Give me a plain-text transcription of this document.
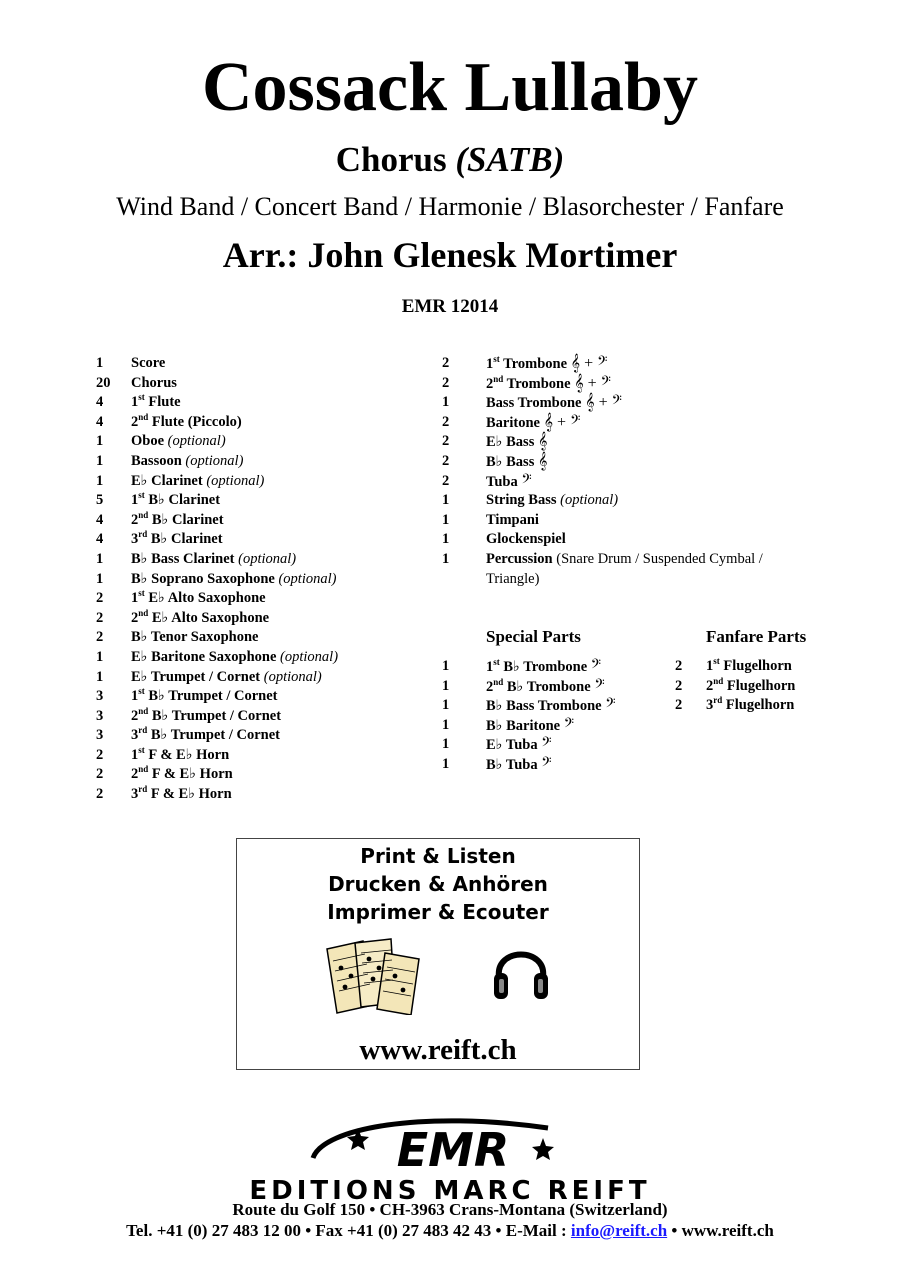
Cossack Lullaby
Chorus (SATB)
Wind Band / Concert Band / Harmonie / Blasorchester / Fanfare
Arr.: John Glenesk Mortimer
EMR 12014
1 Score
20 Chorus
4 1st Flute
4 2nd Flute (Piccolo)
1 Oboe (optional)
1 Bassoon (optional)
1 E♭ Clarinet (optional)
5 1st B♭ Clarinet
4 2nd B♭ Clarinet
4 3rd B♭ Clarinet
1 B♭ Bass Clarinet (optional)
1 B♭ Soprano Saxophone (optional)
2 1st E♭ Alto Saxophone
2 2nd E♭ Alto Saxophone
2 B♭ Tenor Saxophone
1 E♭ Baritone Saxophone (optional)
1 E♭ Trumpet / Cornet (optional)
3 1st B♭ Trumpet / Cornet
3 2nd B♭ Trumpet / Cornet
3 3rd B♭ Trumpet / Cornet
2 1st F & E♭ Horn
2 2nd F & E♭ Horn
2 3rd F & E♭ Horn
2	1st Trombone 𝄞 + 𝄢
2	2nd Trombone 𝄞 + 𝄢
1	Bass Trombone 𝄞 + 𝄢
2	Baritone 𝄞 + 𝄢
2	E♭ Bass 𝄞
2	B♭ Bass 𝄞
2	Tuba 𝄢
1	String Bass (optional)
1	Timpani
1	Glockenspiel
1	Percussion (Snare Drum / Suspended Cymbal / Triangle)
Special Parts	Fanfare Parts
1	1st B♭ Trombone 𝄢
1	2nd B♭ Trombone 𝄢
1	B♭ Bass Trombone 𝄢
1	B♭ Baritone 𝄢
1	E♭ Tuba 𝄢
1	B♭ Tuba 𝄢
2 1st Flugelhorn
2 2nd Flugelhorn
2 3rd Flugelhorn
Print & Listen
Drucken & Anhören
Imprimer & Ecouter
www.reift.ch
EMR
EDITIONS MARC REIFT
Route du Golf 150 • CH-3963 Crans-Montana (Switzerland)
Tel. +41 (0) 27 483 12 00 • Fax +41 (0) 27 483 42 43 • E-Mail : info@reift.ch • www.reift.ch
